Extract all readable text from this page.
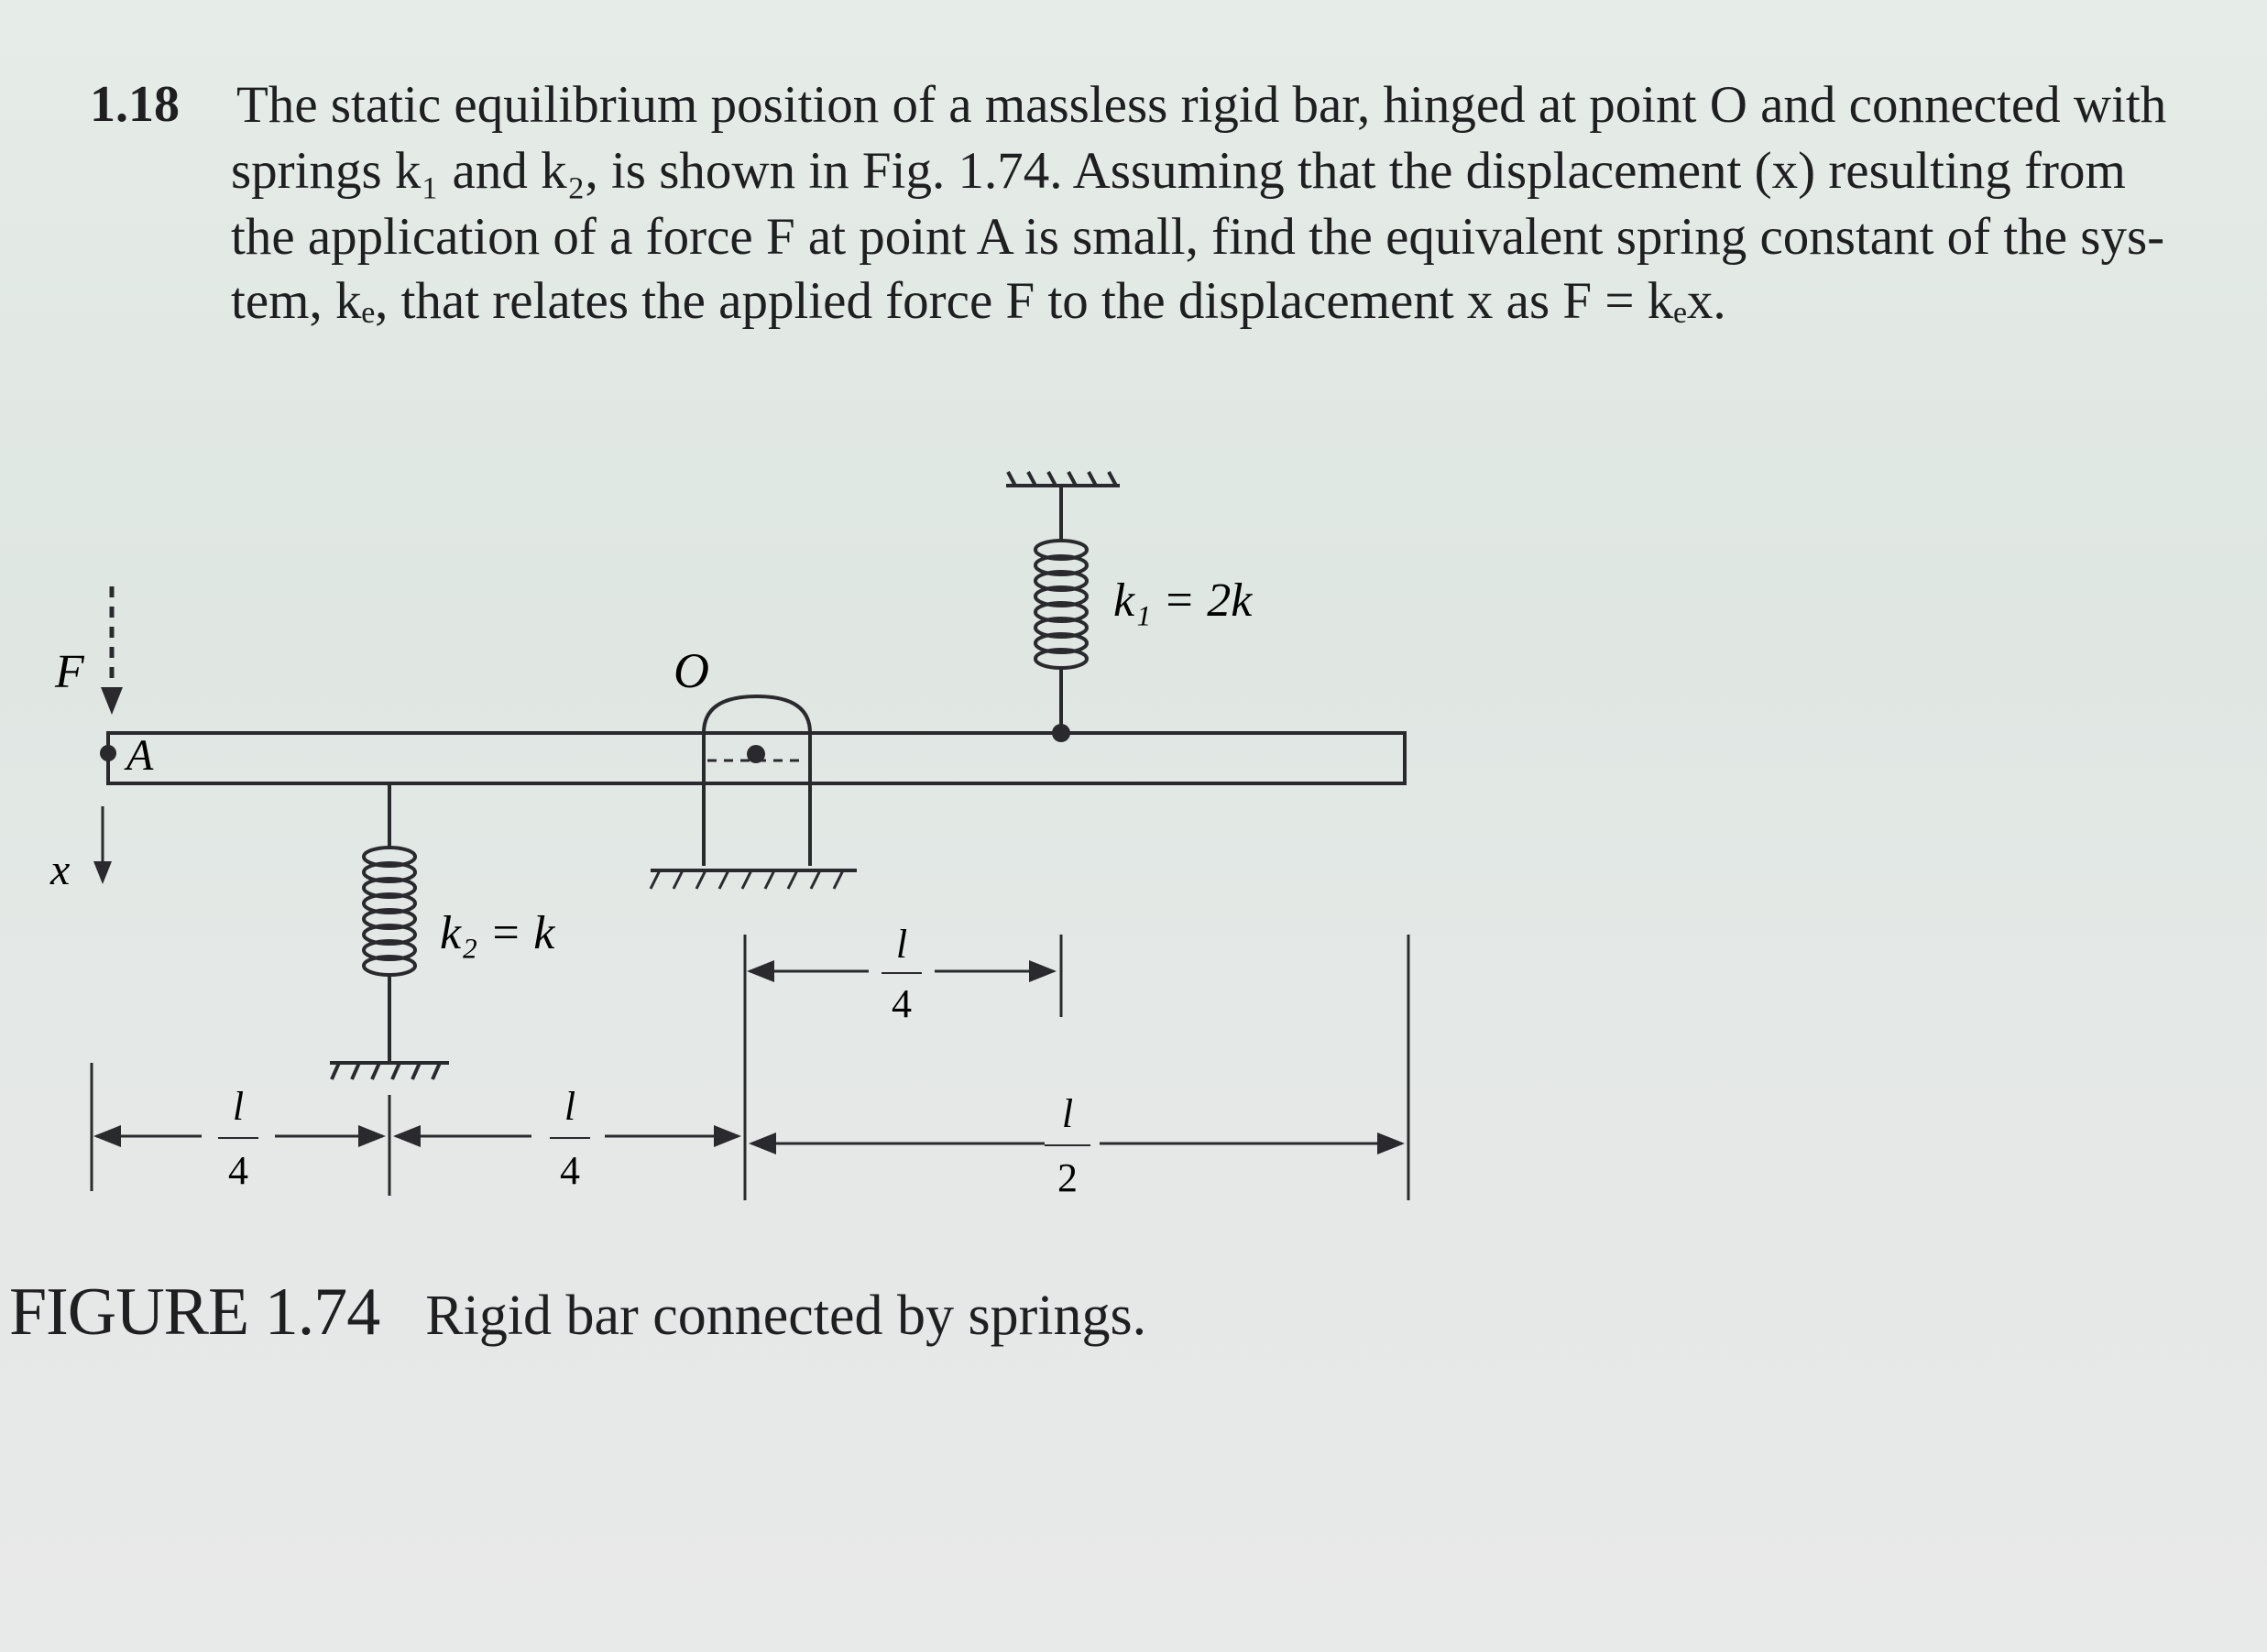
1.18 The static equilibrium position of a massless rigid bar, hinged at point O and connected with
springs k₁ and k₂, is shown in Fig. 1.74. Assuming that the displacement (x) resulting from
the application of a force F at point A is small, find the equivalent spring constant of the sys-
tem, kₑ, that relates the applied force F to the displacement x as F = kₑx.
F
A
x
O
k₁ = 2k
k₂ = k	l
4
l
4
l
4
l
2
FIGURE 1.74 Rigid bar connected by springs.
